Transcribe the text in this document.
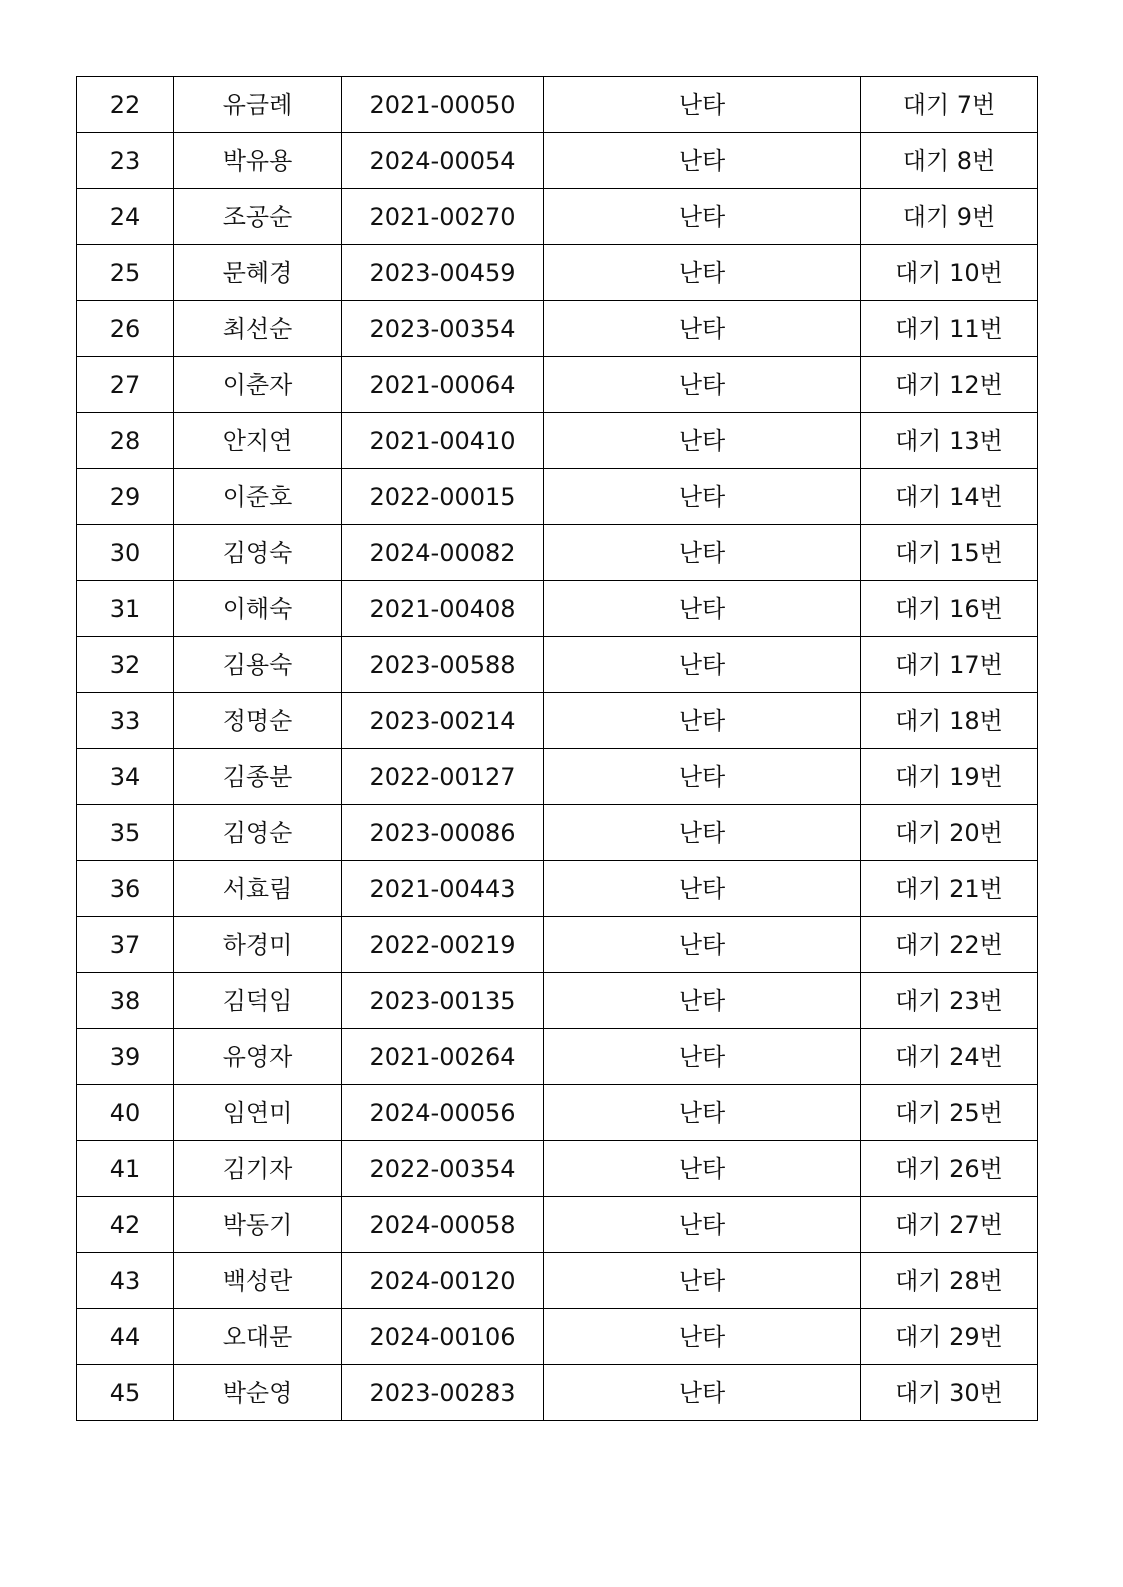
22	유금례	2021-00050	난타	대기 7번
23	박유용	2024-00054	난타	대기 8번
24	조공순	2021-00270	난타	대기 9번
25	문혜경	2023-00459	난타	대기 10번
26	최선순	2023-00354	난타	대기 11번
27	이춘자	2021-00064	난타	대기 12번
28	안지연	2021-00410	난타	대기 13번
29	이준호	2022-00015	난타	대기 14번
30	김영숙	2024-00082	난타	대기 15번
31	이해숙	2021-00408	난타	대기 16번
32	김용숙	2023-00588	난타	대기 17번
33	정명순	2023-00214	난타	대기 18번
34	김종분	2022-00127	난타	대기 19번
35	김영순	2023-00086	난타	대기 20번
36	서효림	2021-00443	난타	대기 21번
37	하경미	2022-00219	난타	대기 22번
38	김덕임	2023-00135	난타	대기 23번
39	유영자	2021-00264	난타	대기 24번
40	임연미	2024-00056	난타	대기 25번
41	김기자	2022-00354	난타	대기 26번
42	박동기	2024-00058	난타	대기 27번
43	백성란	2024-00120	난타	대기 28번
44	오대문	2024-00106	난타	대기 29번
45	박순영	2023-00283	난타	대기 30번
